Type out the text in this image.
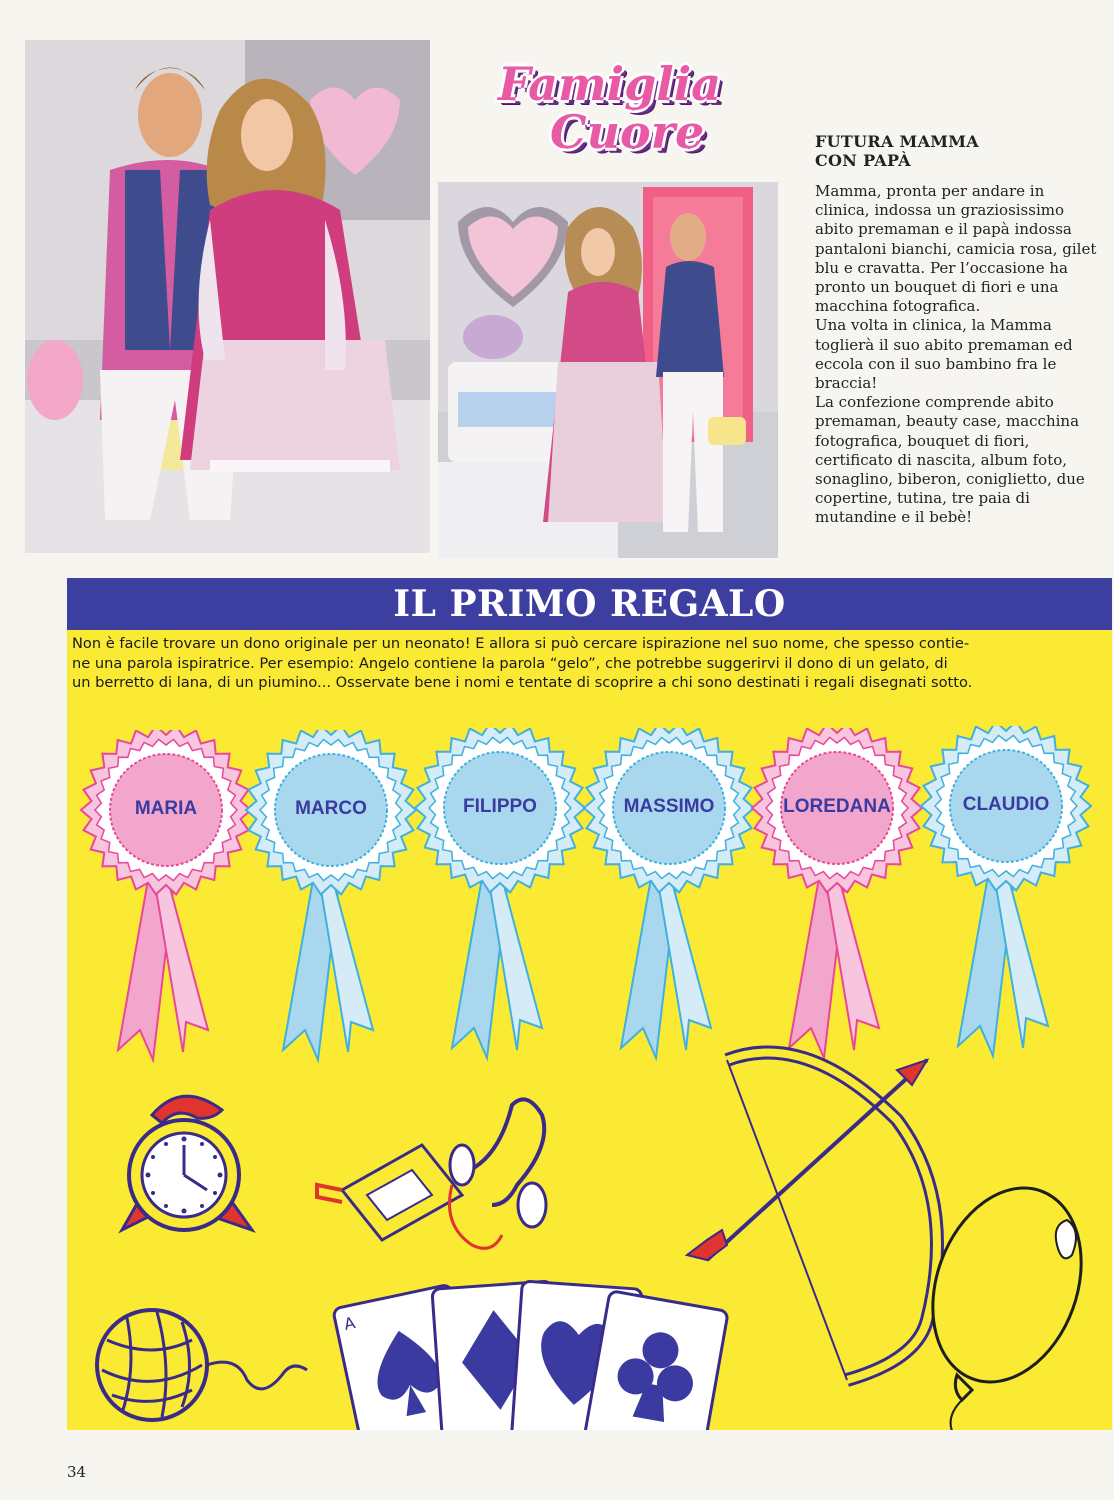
Famiglia
Cuore	FUTURA MAMMA
CON PAPÀ
Mamma, pronta per andare in
clinica, indossa un graziosissimo
abito premaman e il papà indossa
pantaloni bianchi, camicia rosa, gilet
blu e cravatta. Per l’occasione ha
pronto un bouquet di fiori e una
macchina fotografica.
Una volta in clinica, la Mamma
toglierà il suo abito premaman ed
eccola con il suo bambino fra le
braccia!
La confezione comprende abito
premaman, beauty case, macchina
fotografica, bouquet di fiori,
certificato di nascita, album foto,
sonaglino, biberon, coniglietto, due
copertine, tutina, tre paia di
mutandine e il bebè!
IL PRIMO REGALO
Non è facile trovare un dono originale per un neonato! E allora si può cercare ispirazione nel suo nome, che spesso contie-
ne una parola ispiratrice. Per esempio: Angelo contiene la parola “gelo”, che potrebbe suggerirvi il dono di un gelato, di
un berretto di lana, di un piumino... Osservate bene i nomi e tentate di scoprire a chi sono destinati i regali disegnati sotto.
MARIA	MARCO	FILIPPO	MASSIMO	LOREDANA	CLAUDIO
A
34
